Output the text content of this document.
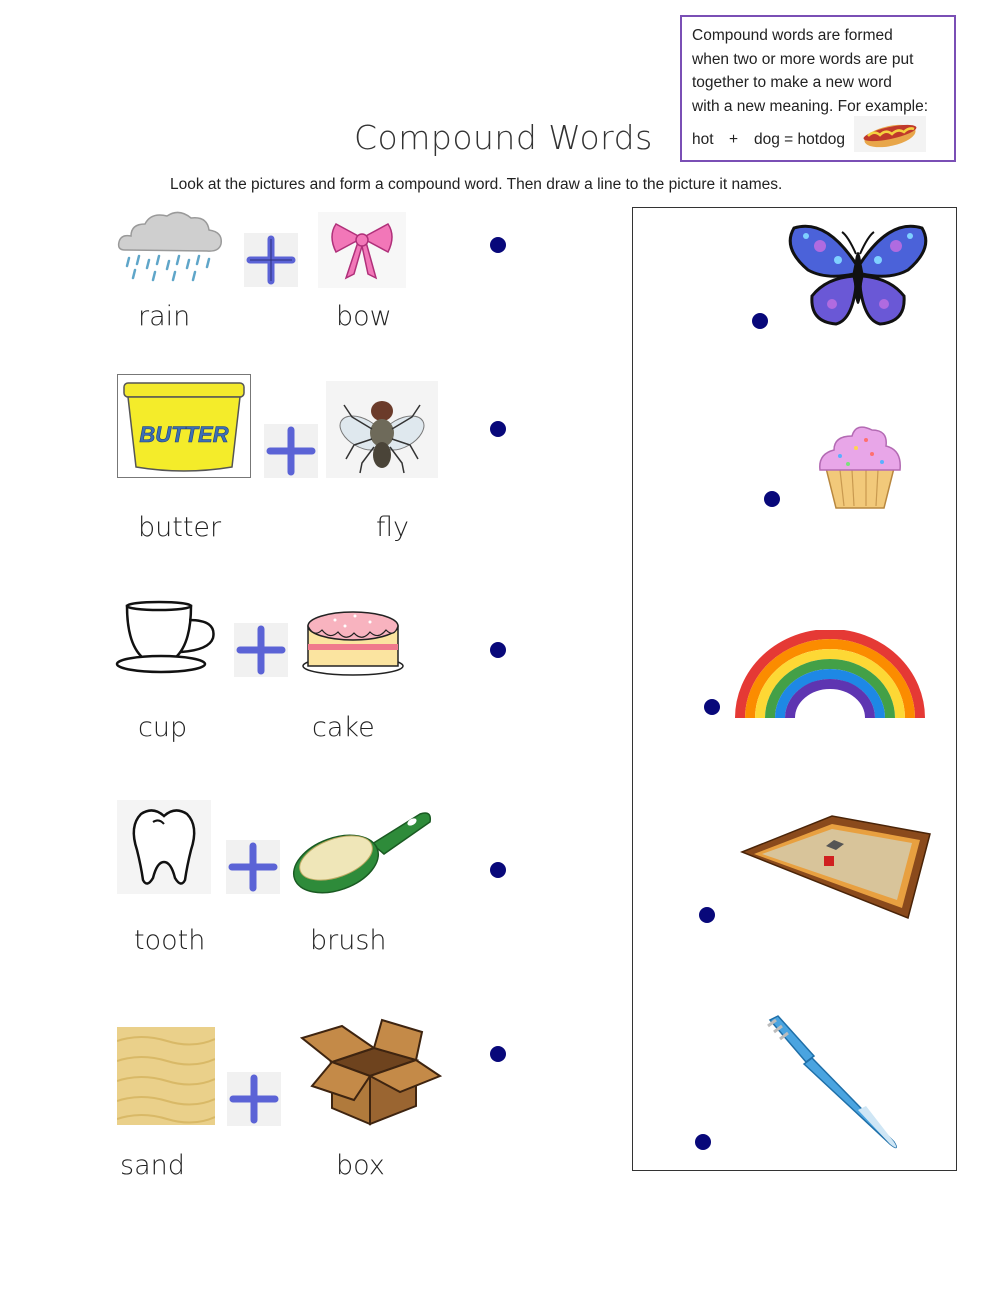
Compound words are formed
when two or more words are put
together to make a new word
with a new meaning. For example:
hot + dog = hotdog
Compound Words
Look at the pictures and form a compound word. Then draw a line to the picture it names.
rain	bow
BUTTER
butter	fly
cup	cake
tooth	brush
sand	box
